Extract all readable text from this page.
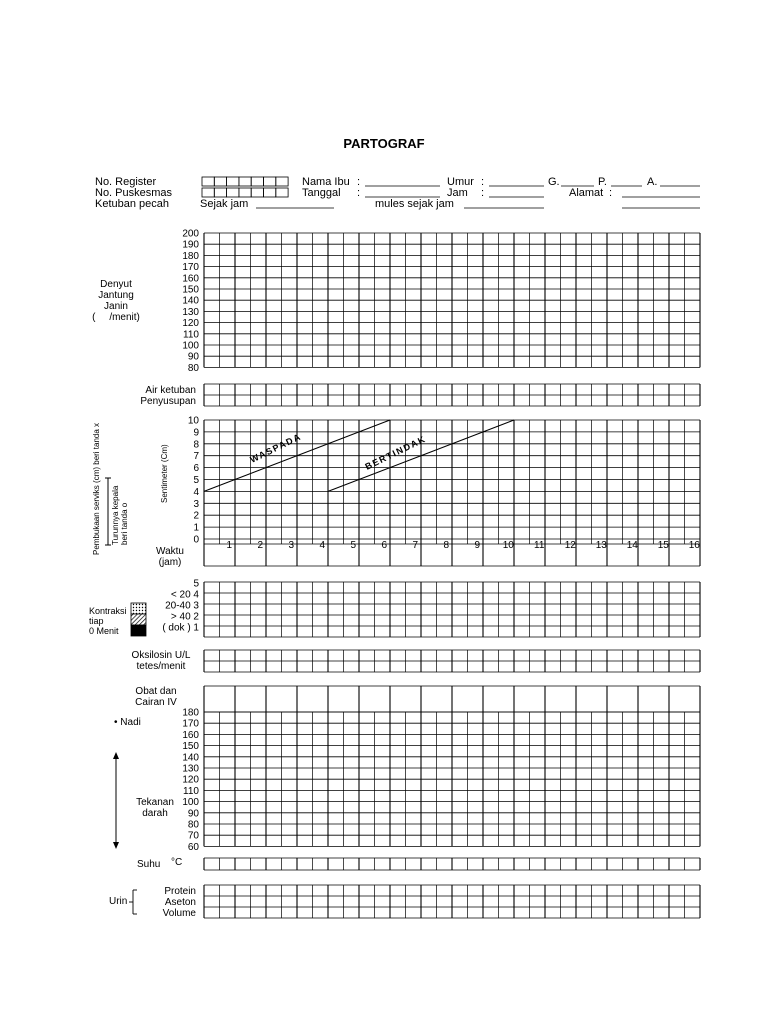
200
190
180
170
160
150
140
130
120
110
100
90
80
10
9
8
7
6
5
4
3
2
1
0
WASPADA	BERTINDAK
1	2	3	4	5	6	7	8	9 10 11 12 13 14 15 16
Pembukaan serviks (cm) beri tanda x Turunnya kepala beri tanda o
Sentimeter (Cm)
5
< 20 4
20-40 3
> 40 2
( dok ) 1
180
170
160
150
140
130
120
110
100
90
80
70
60
PARTOGRAF
No. Register
No. Puskesmas
Ketuban pecah	Sejak jam
Nama Ibu :
Tanggal :
Umur :
Jam :
mules sejak jam
G.	P.	A.
Alamat :
Denyut
Jantung
Janin
(     /menit)
Air ketuban
Penyusupan
Waktu
(jam)
Kontraksi
tiap
0 Menit
Oksilosin U/L
tetes/menit
Obat dan
Cairan IV
• Nadi
Tekanan
darah
Suhu °C
Urin
Protein
Aseton
Volume
